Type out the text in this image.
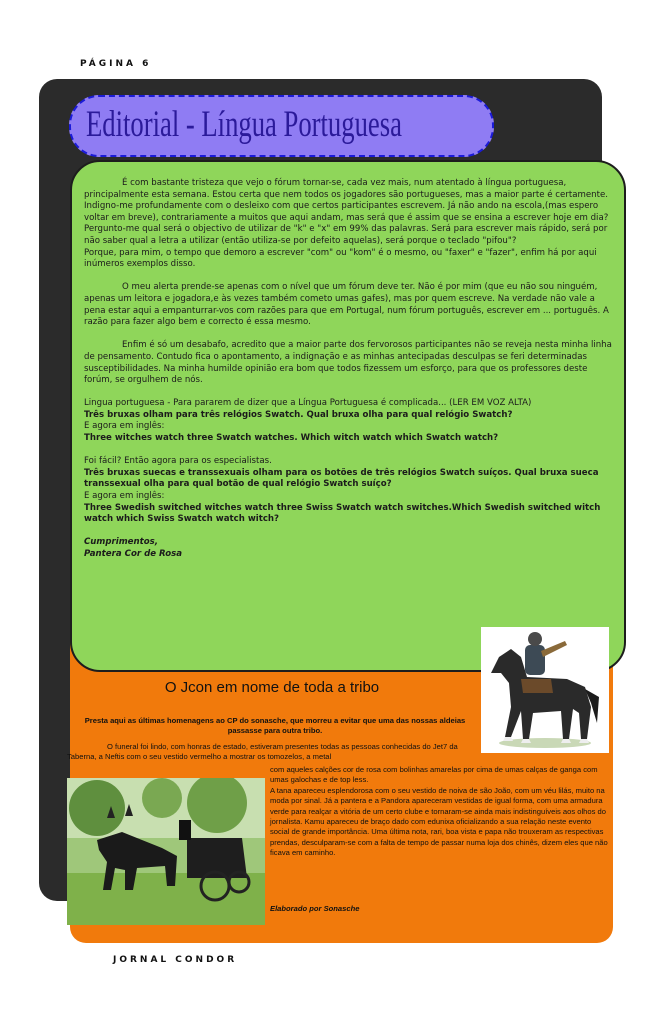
PÁGINA 6
Editorial - Língua Portuguesa

É com bastante tristeza que vejo o fórum tornar-se, cada vez mais, num atentado à língua portuguesa, principalmente esta semana. Estou certa que nem todos os jogadores são portugueses, mas a maior parte é certamente. Indigno-me profundamente com o desleixo com que certos participantes escrevem. Já não ando na escola,(mas espero voltar em breve), contrariamente a muitos que aqui andam, mas será que é assim que se ensina a escrever hoje em dia?

Pergunto-me qual será o objectivo de utilizar de "k" e "x" em 99% das palavras. Será para escrever mais rápido, será por não saber qual a letra a utilizar (então utiliza-se por defeito aquelas), será porque o teclado "pifou"?

Porque, para mim, o tempo que demoro a escrever "com" ou "kom" é o mesmo, ou "faxer" e "fazer", enfim há por aqui inúmeros exemplos disso.

O meu alerta prende-se apenas com o nível que um fórum deve ter. Não é por mim (que eu não sou ninguém, apenas um leitora e jogadora,e às vezes também cometo umas gafes), mas por quem escreve. Na verdade não vale a pena estar aqui a empanturrar-vos com razões para que em Portugal, num fórum português, escrever em ... português. A razão para fazer algo bem e correcto é essa mesmo.

Enfim é só um desabafo, acredito que a maior parte dos fervorosos participantes não se reveja nesta minha linha de pensamento. Contudo fica o apontamento, a indignação e as minhas antecipadas desculpas se feri determinadas susceptibilidades. Na minha humilde opinião era bom que todos fizessem um esforço, para que os professores deste forúm, se orgulhem de nós.

Lingua portuguesa - Para pararem de dizer que a Língua Portuguesa é complicada... (LER EM VOZ ALTA)

Três bruxas olham para três relógios Swatch. Qual bruxa olha para qual relógio Swatch?

E agora em inglês:

Three witches watch three Swatch watches. Which witch watch which Swatch watch?

Foi fácil? Então agora para os especialistas.

Três bruxas suecas e transsexuais olham para os botões de três relógios Swatch suíços. Qual bruxa sueca transsexual olha para qual botão de qual relógio Swatch suíço?

E agora em inglês:

Three Swedish switched witches watch three Swiss Swatch watch switches.Which Swedish switched witch watch which Swiss Swatch watch witch?

Cumprimentos,

Pantera Cor de Rosa

O Jcon em nome de toda a tribo
Presta aqui as últimas homenagens ao CP do sonasche, que morreu a evitar que uma das nossas aldeias passasse para outra tribo.
O funeral foi lindo, com honras de estado, estiveram presentes todas as pessoas conhecidas do Jet7 da Taberna, a Neftis com o seu vestido vermelho a mostrar os tomozelos, a metal
com aqueles calções cor de rosa com bolinhas amarelas por cima de umas calças de ganga com umas galochas e de top less.
A tana apareceu esplendorosa com o seu vestido de noiva de são João, com um véu lilás, muito na moda por sinal. Já a pantera e a Pandora apareceram vestidas de igual forma, com uma armadura verde para realçar a vitória de um certo clube e tornaram-se ainda mais indistinguíveis aos olhos do jornalista. Kamu apareceu de braço dado com edunixa oficializando a sua relação neste evento social de grande importância. Uma última nota, rari, boa vista e papa não trouxeram as respectivas prendas, desculparam-se com a falta de tempo de passar numa loja dos chinês, dizem eles que não ficava em caminho.
Elaborado por Sonasche
JORNAL CONDOR
